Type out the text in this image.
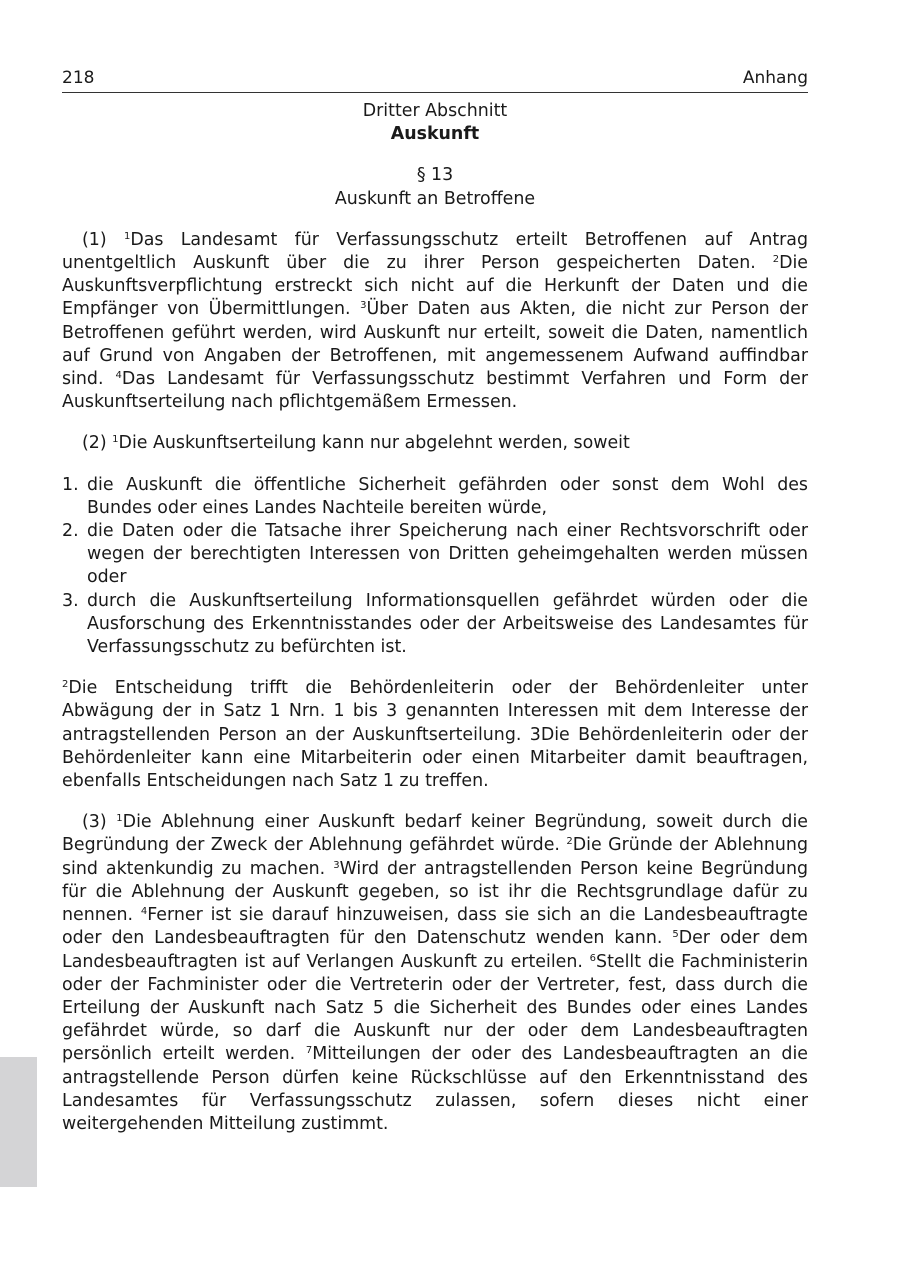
218	Anhang
Dritter Abschnitt
Auskunft
§ 13
Auskunft an Betroffene

(1) $^1$Das Landesamt für Verfassungsschutz erteilt Betroffenen auf Antrag unentgeltlich Auskunft über die zu ihrer Person gespeicherten Daten. $^2$Die Auskunftsverpflichtung erstreckt sich nicht auf die Herkunft der Daten und die Empfänger von Übermittlungen. $^3$Über Daten aus Akten, die nicht zur Person der Betroffenen geführt werden, wird Auskunft nur erteilt, soweit die Daten, namentlich auf Grund von Angaben der Betroffenen, mit angemessenem Aufwand auffindbar sind. $^4$Das Landesamt für Verfassungsschutz bestimmt Verfahren und Form der Auskunftserteilung nach pflichtgemäßem Ermessen.

(2) $^1$Die Auskunftserteilung kann nur abgelehnt werden, soweit

1. die Auskunft die öffentliche Sicherheit gefährden oder sonst dem Wohl des Bundes oder eines Landes Nachteile bereiten würde,
2. die Daten oder die Tatsache ihrer Speicherung nach einer Rechtsvorschrift oder wegen der berechtigten Interessen von Dritten geheimgehalten werden müssen oder
3. durch die Auskunftserteilung Informationsquellen gefährdet würden oder die Ausforschung des Erkenntnisstandes oder der Arbeitsweise des Landesamtes für Verfassungsschutz zu befürchten ist.

$^2$Die Entscheidung trifft die Behördenleiterin oder der Behördenleiter unter Abwägung der in Satz 1 Nrn. 1 bis 3 genannten Interessen mit dem Interesse der antragstellenden Person an der Auskunftserteilung. 3Die Behördenleiterin oder der Behördenleiter kann eine Mitarbeiterin oder einen Mitarbeiter damit beauftragen, ebenfalls Entscheidungen nach Satz 1 zu treffen.

(3) $^1$Die Ablehnung einer Auskunft bedarf keiner Begründung, soweit durch die Begründung der Zweck der Ablehnung gefährdet würde. $^2$Die Gründe der Ablehnung sind aktenkundig zu machen. $^3$Wird der antragstellenden Person keine Begründung für die Ablehnung der Auskunft gegeben, so ist ihr die Rechtsgrundlage dafür zu nennen. $^4$Ferner ist sie darauf hinzuweisen, dass sie sich an die Landesbeauftragte oder den Landesbeauftragten für den Datenschutz wenden kann. $^5$Der oder dem Landesbeauftragten ist auf Verlangen Auskunft zu erteilen. $^6$Stellt die Fachministerin oder der Fachminister oder die Vertreterin oder der Vertreter, fest, dass durch die Erteilung der Auskunft nach Satz 5 die Sicherheit des Bundes oder eines Landes gefährdet würde, so darf die Auskunft nur der oder dem Landesbeauftragten persönlich erteilt werden. $^7$Mitteilungen der oder des Landesbeauftragten an die antragstellende Person dürfen keine Rückschlüsse auf den Erkenntnisstand des Landesamtes für Verfassungsschutz zulassen, sofern dieses nicht einer weitergehenden Mitteilung zustimmt.
